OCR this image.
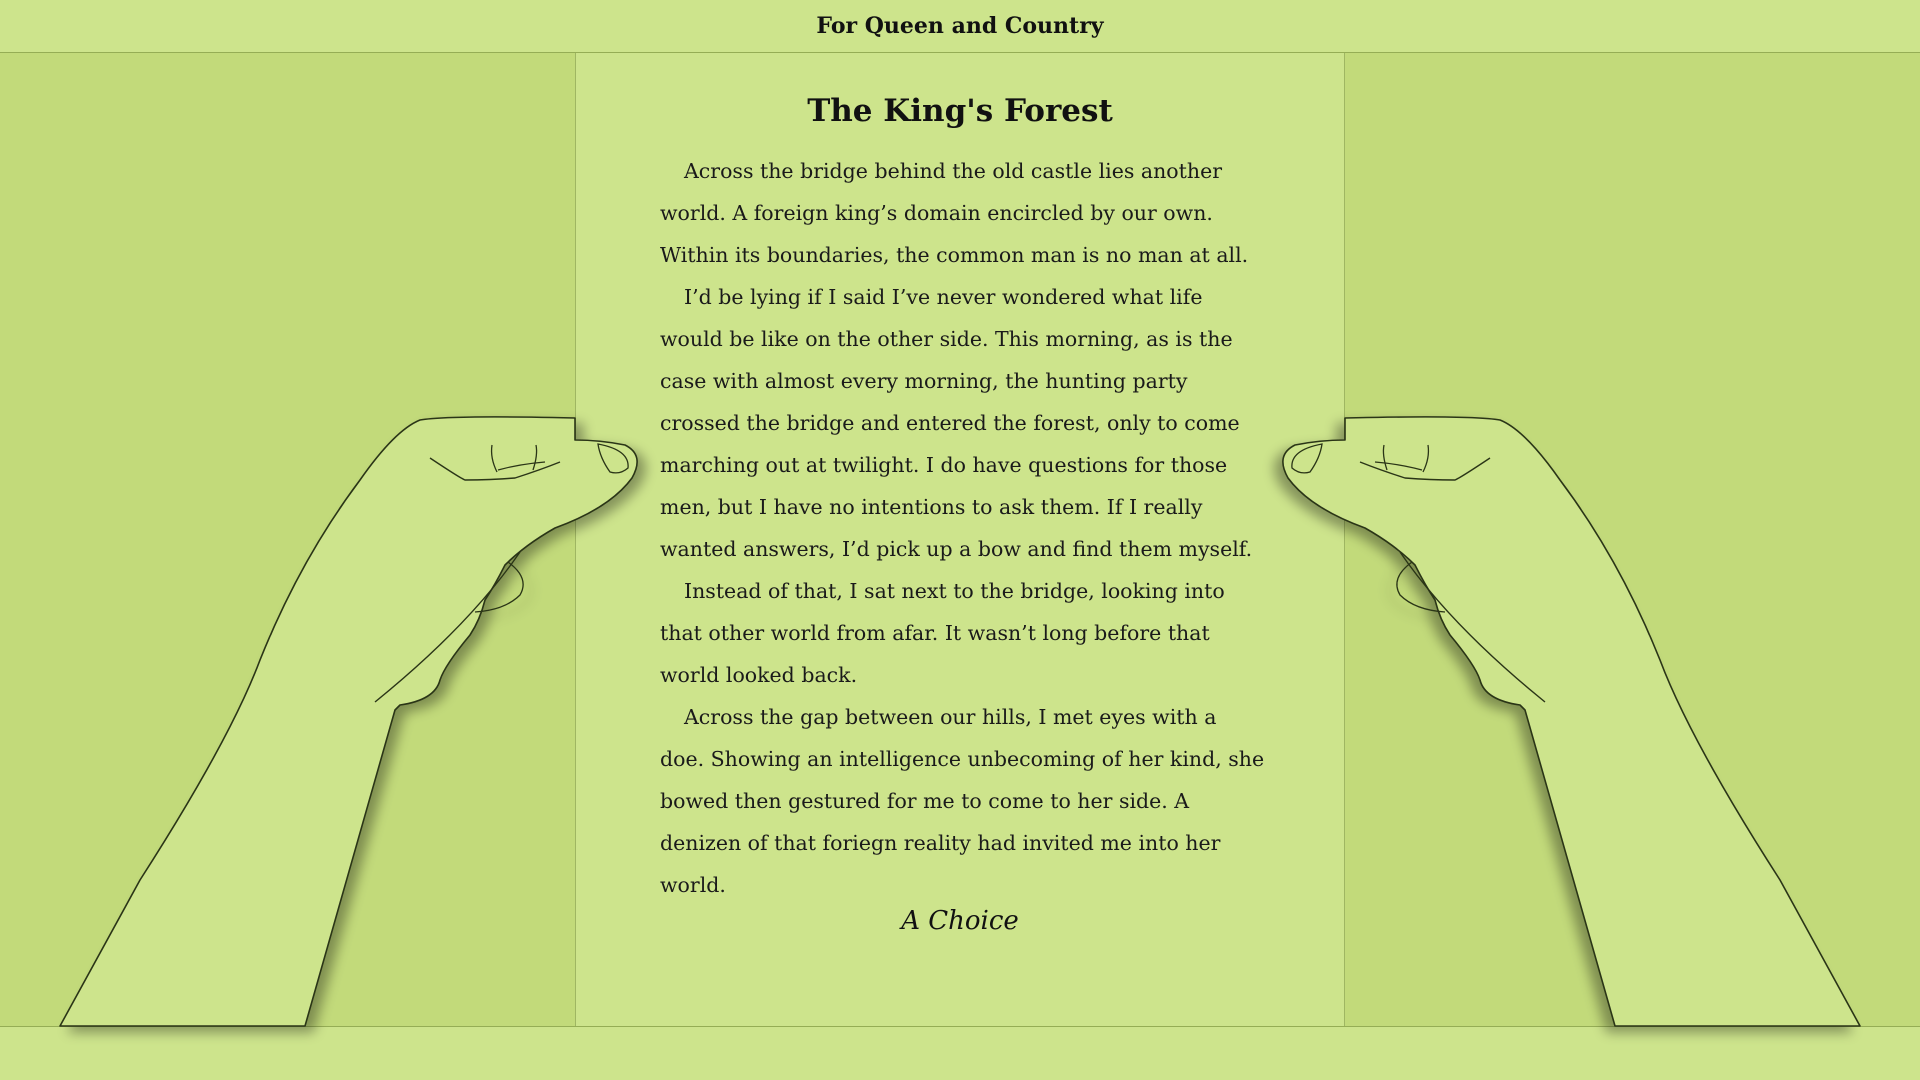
For Queen and Country
The King's Forest

Across the bridge behind the old castle lies another world. A foreign king’s domain encircled by our own. Within its boundaries, the common man is no man at all.

I’d be lying if I said I’ve never wondered what life would be like on the other side. This morning, as is the case with almost every morning, the hunting party crossed the bridge and entered the forest, only to come marching out at twilight. I do have questions for those men, but I have no intentions to ask them. If I really wanted answers, I’d pick up a bow and find them myself.

Instead of that, I sat next to the bridge, looking into that other world from afar. It wasn’t long before that world looked back.

Across the gap between our hills, I met eyes with a doe. Showing an intelligence unbecoming of her kind, she bowed then gestured for me to come to her side. A denizen of that foriegn reality had invited me into her world.

A Choice
